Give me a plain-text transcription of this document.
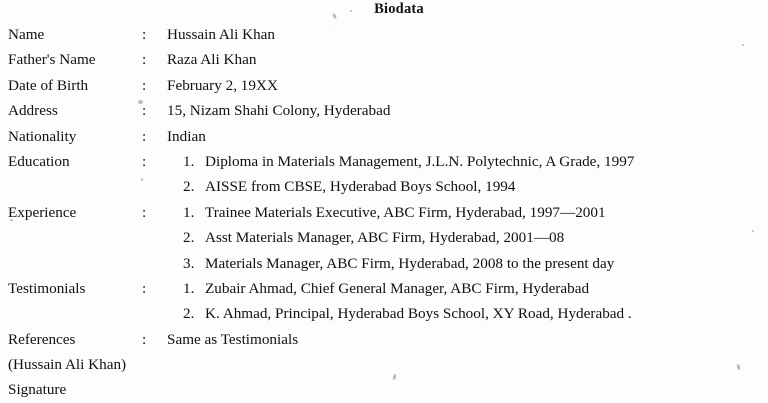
Biodata
Name	: Hussain Ali Khan
Father's Name	: Raza Ali Khan
Date of Birth	: February 2, 19XX
Address	: 15, Nizam Shahi Colony, Hyderabad
Nationality	: Indian
Education	: 1. Diploma in Materials Management, J.L.N. Polytechnic, A Grade, 1997
2. AISSE from CBSE, Hyderabad Boys School, 1994
Experience	: 1. Trainee Materials Executive, ABC Firm, Hyderabad, 1997—2001
2. Asst Materials Manager, ABC Firm, Hyderabad, 2001—08
3. Materials Manager, ABC Firm, Hyderabad, 2008 to the present day
Testimonials	: 1. Zubair Ahmad, Chief General Manager, ABC Firm, Hyderabad
2. K. Ahmad, Principal, Hyderabad Boys School, XY Road, Hyderabad .
References	: Same as Testimonials
(Hussain Ali Khan)
Signature
